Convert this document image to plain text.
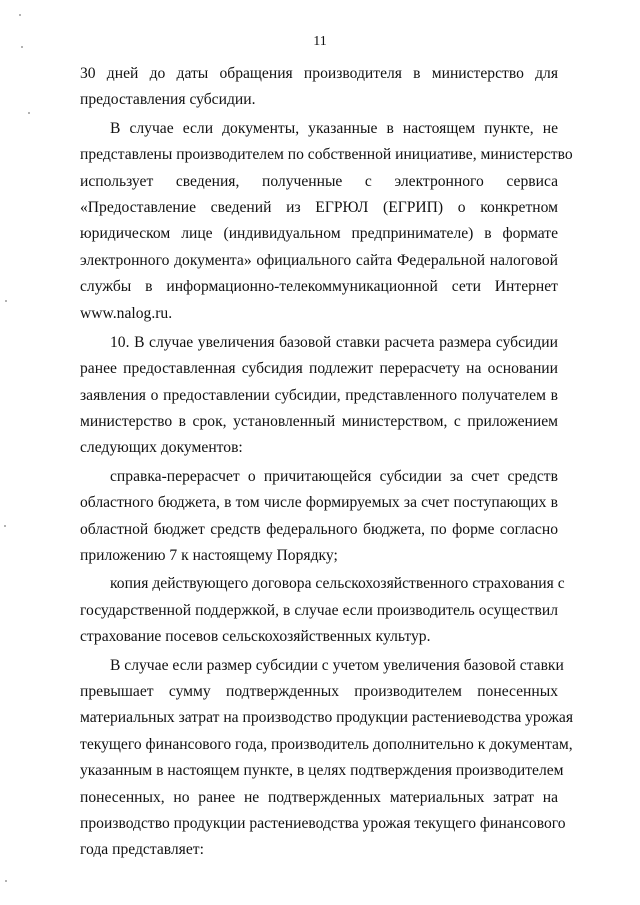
11
30 дней до даты обращения производителя в министерство для
предоставления субсидии.
В случае если документы, указанные в настоящем пункте, не
представлены производителем по собственной инициативе, министерство
использует сведения, полученные с электронного сервиса
«Предоставление сведений из ЕГРЮЛ (ЕГРИП) о конкретном
юридическом лице (индивидуальном предпринимателе) в формате
электронного документа» официального сайта Федеральной налоговой
службы в информационно-телекоммуникационной сети Интернет
www.nalog.ru.
10. В случае увеличения базовой ставки расчета размера субсидии
ранее предоставленная субсидия подлежит перерасчету на основании
заявления о предоставлении субсидии, представленного получателем в
министерство в срок, установленный министерством, с приложением
следующих документов:
справка-перерасчет о причитающейся субсидии за счет средств
областного бюджета, в том числе формируемых за счет поступающих в
областной бюджет средств федерального бюджета, по форме согласно
приложению 7 к настоящему Порядку;
копия действующего договора сельскохозяйственного страхования с
государственной поддержкой, в случае если производитель осуществил
страхование посевов сельскохозяйственных культур.
В случае если размер субсидии с учетом увеличения базовой ставки
превышает сумму подтвержденных производителем понесенных
материальных затрат на производство продукции растениеводства урожая
текущего финансового года, производитель дополнительно к документам,
указанным в настоящем пункте, в целях подтверждения производителем
понесенных, но ранее не подтвержденных материальных затрат на
производство продукции растениеводства урожая текущего финансового
года представляет:
